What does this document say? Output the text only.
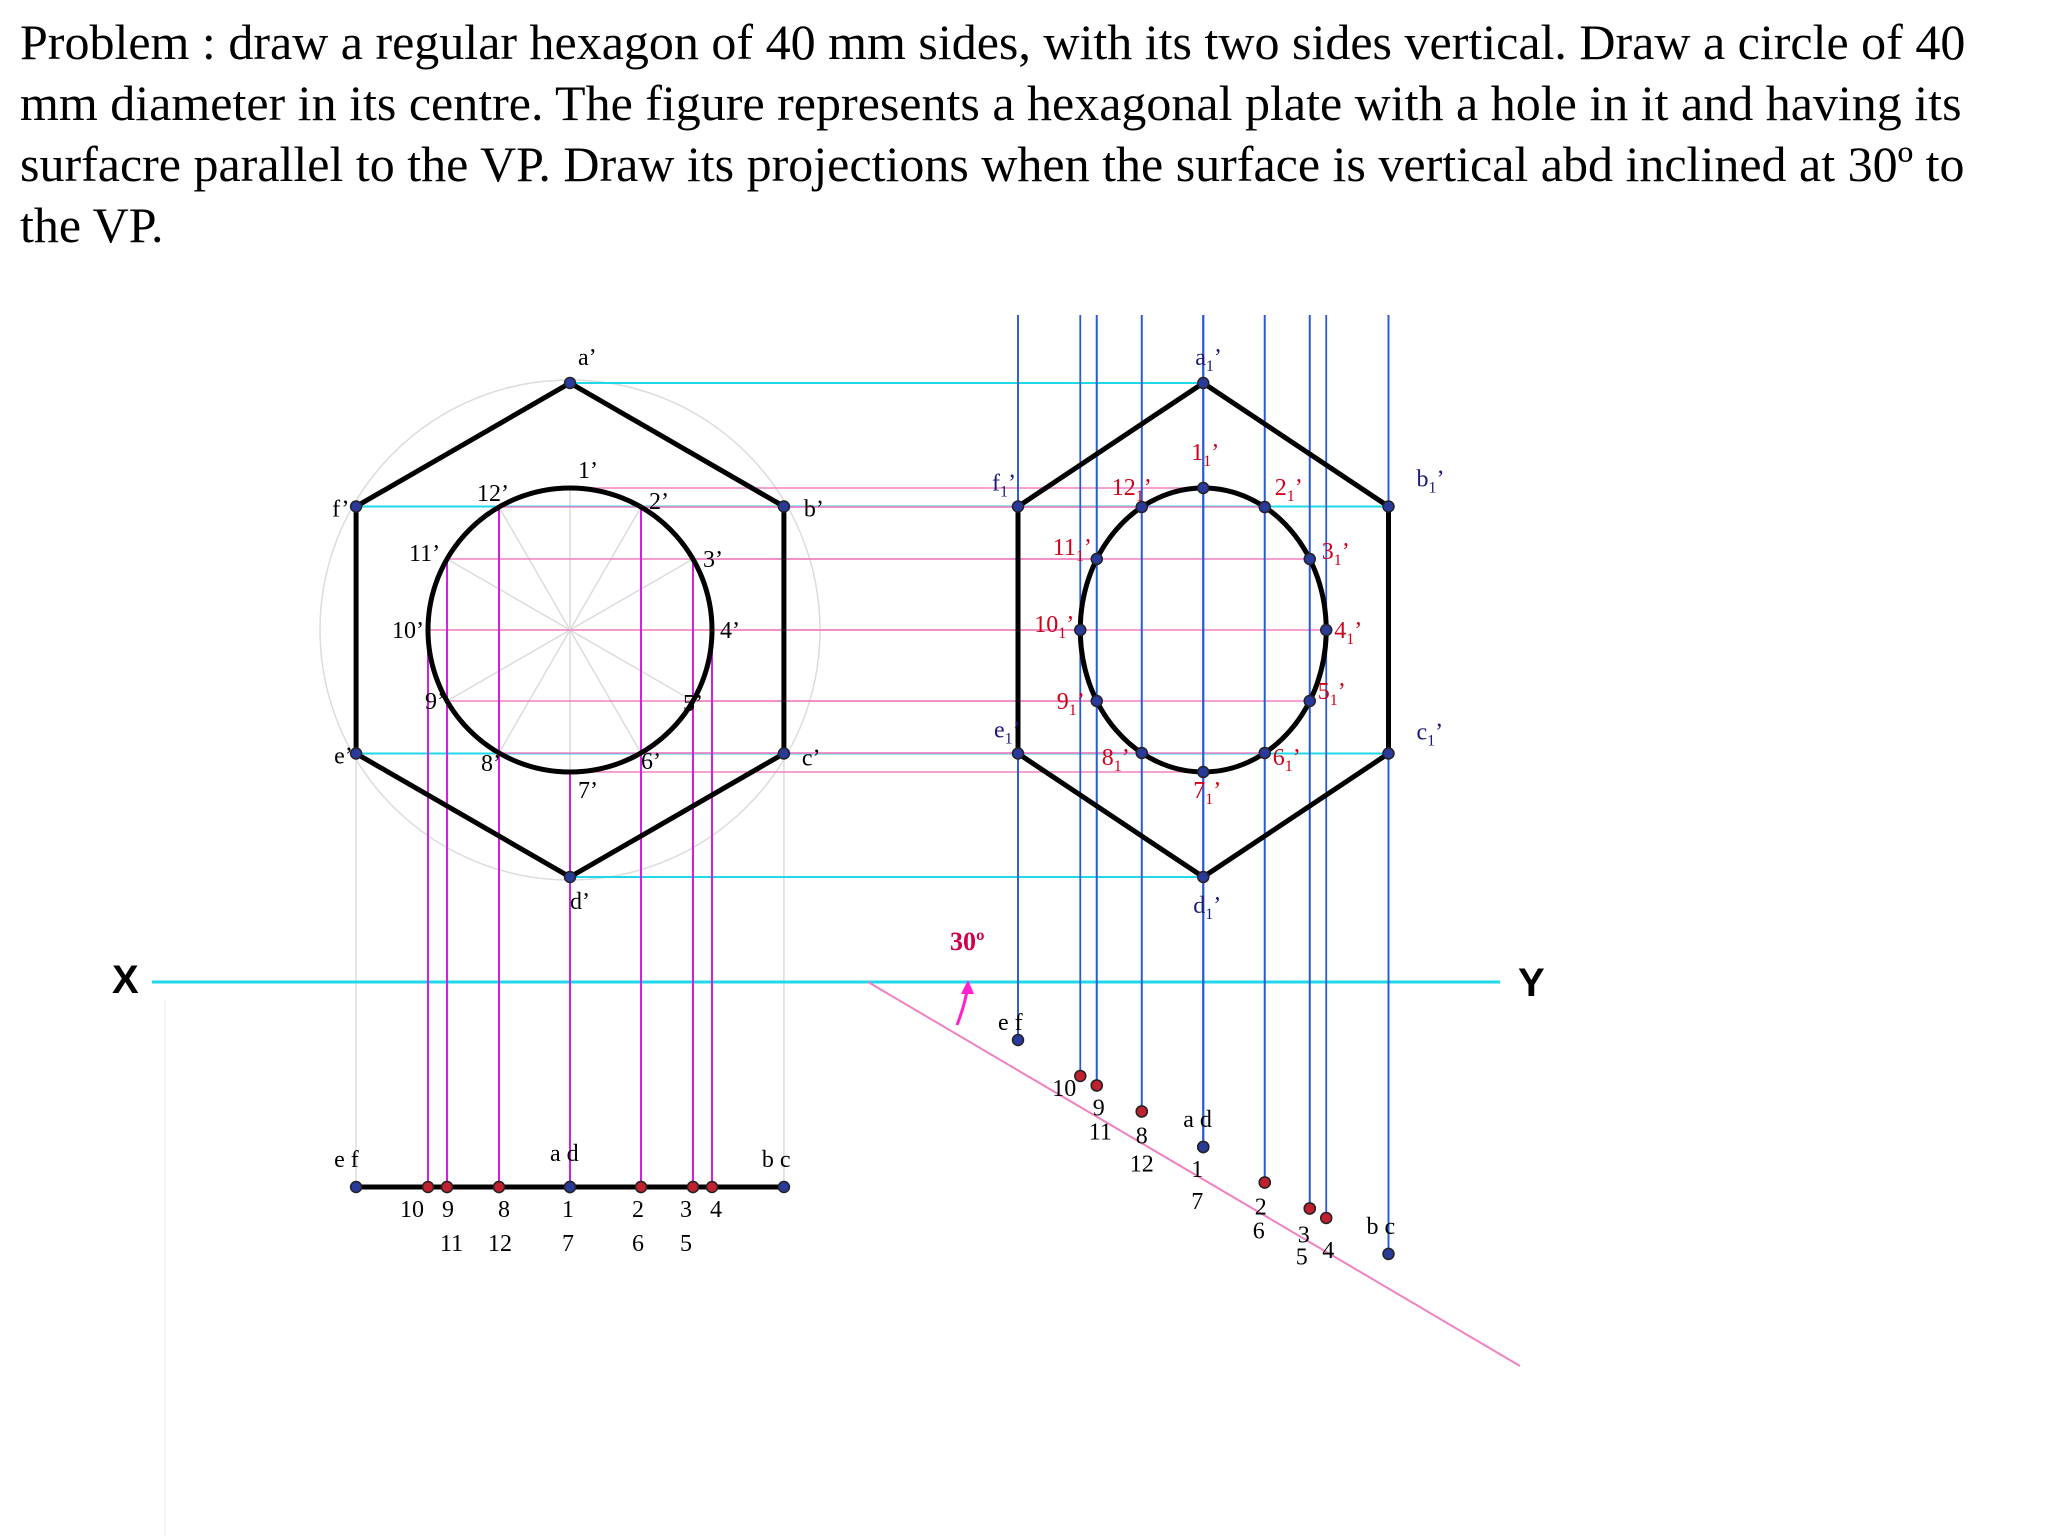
Problem : draw a regular hexagon of 40 mm sides, with its two sides vertical. Draw a circle of 40 mm diameter in its centre. The figure represents a hexagonal plate with a hole in it and having its surfacre parallel to the VP. Draw its projections when the surface is vertical abd inclined at 30º to the VP.

a’
b’
c’
d’
e’
f’
1’
2’
3’
4’
5’
6’
7’
8’
9’
10’
11’
12’
e f	a d	b c
10 9 8 1 2 3 4
11 12 7 6 5
$a_1$’
$b_1$’
$c_1$’
$d_1$’
$e_1$’
$f_1$’
$1_1$’
$2_1$’
$3_1$’
$4_1$’
$5_1$’
$6_1$’
$7_1$’
$8_1$’
$9_1$’
$10_1$’
$11_1$’
$12_1$’
e f
a d
b c
10
9
11 8
12 1
7 2
6 3
5 4
X	Y
30º
